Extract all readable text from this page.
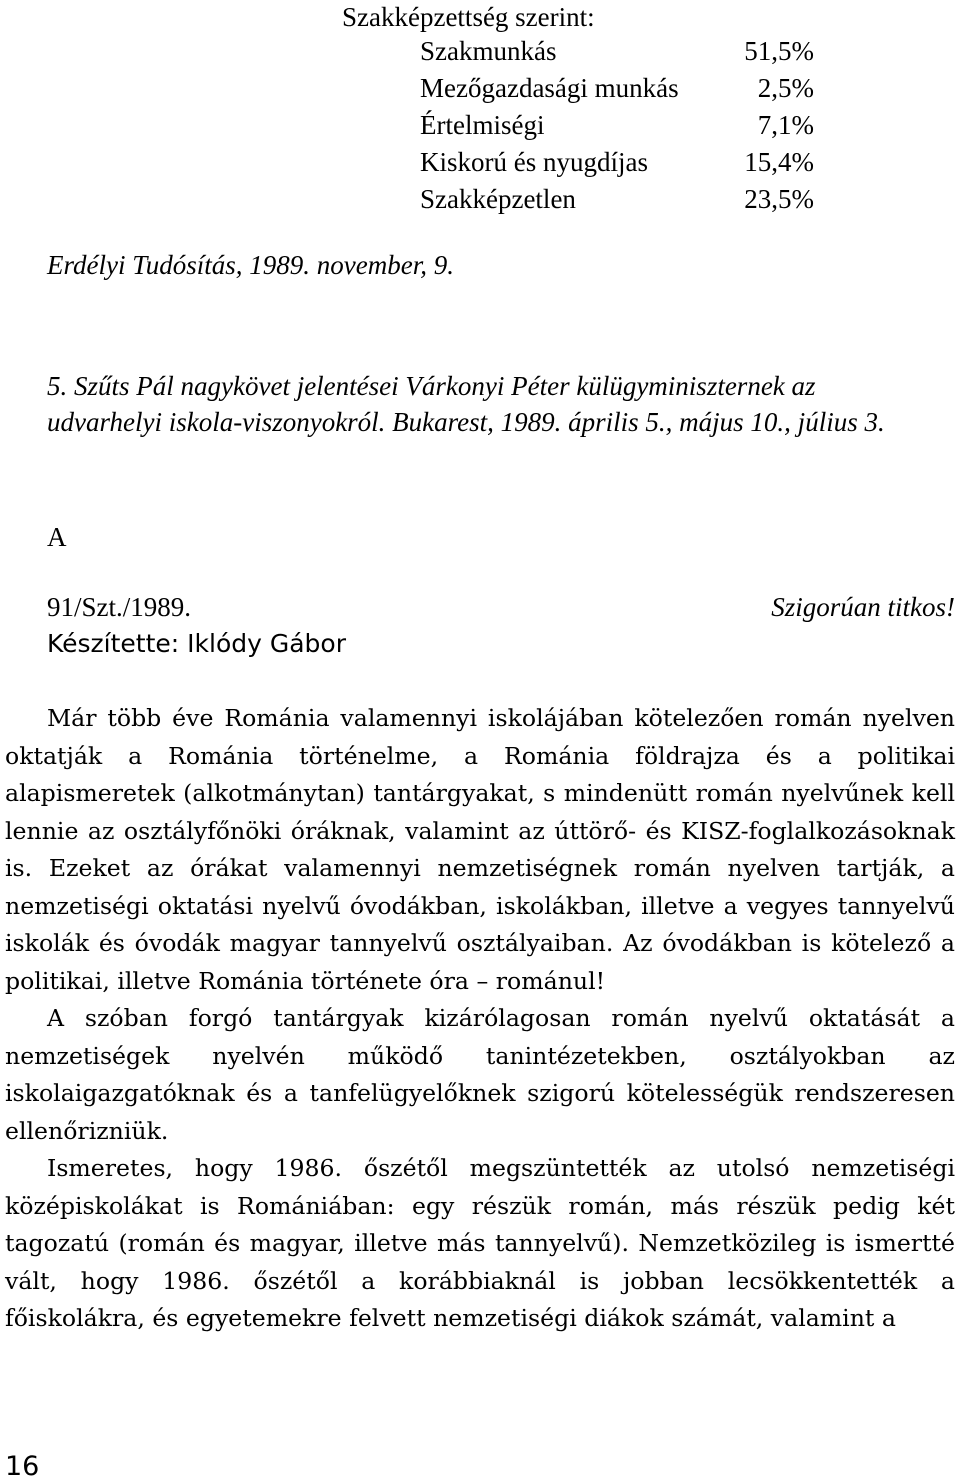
Szakképzettség szerint:
Szakmunkás	51,5%
Mezőgazdasági munkás	2,5%
Értelmiségi	7,1%
Kiskorú és nyugdíjas	15,4%
Szakképzetlen	23,5%
Erdélyi Tudósítás, 1989. november, 9.
5. Szűts Pál nagykövet jelentései Várkonyi Péter külügyminiszternek az udvarhelyi iskola-viszonyokról. Bukarest, 1989. április 5., május 10., július 3.
A
91/Szt./1989.	Szigorúan titkos!
Készítette: Iklódy Gábor

Már több éve Románia valamennyi iskolájában kötelezően román nyelven oktatják a Románia történelme, a Románia földrajza és a politikai alapismeretek (alkotmánytan) tantárgyakat, s mindenütt román nyelvűnek kell lennie az osztályfőnöki óráknak, valamint az úttörő- és KISZ-foglalkozásoknak is. Ezeket az órákat valamennyi nemzetiségnek román nyelven tartják, a nemzetiségi oktatási nyelvű óvodákban, iskolákban, illetve a vegyes tannyelvű iskolák és óvodák magyar tannyelvű osztályaiban. Az óvodákban is kötelező a politikai, illetve Románia története óra – románul!

A szóban forgó tantárgyak kizárólagosan román nyelvű oktatását a nemzetiségek nyelvén működő tanintézetekben, osztályokban az iskolaigazgatóknak és a tanfelügyelőknek szigorú kötelességük rendszeresen ellenőrizniük.

Ismeretes, hogy 1986. őszétől megszüntették az utolsó nemzetiségi középiskolákat is Romániában: egy részük román, más részük pedig két tagozatú (román és magyar, illetve más tannyelvű). Nemzetközileg is ismertté vált, hogy 1986. őszétől a korábbiaknál is jobban lecsökkentették a főiskolákra, és egyetemekre felvett nemzetiségi diákok számát, valamint a

16
